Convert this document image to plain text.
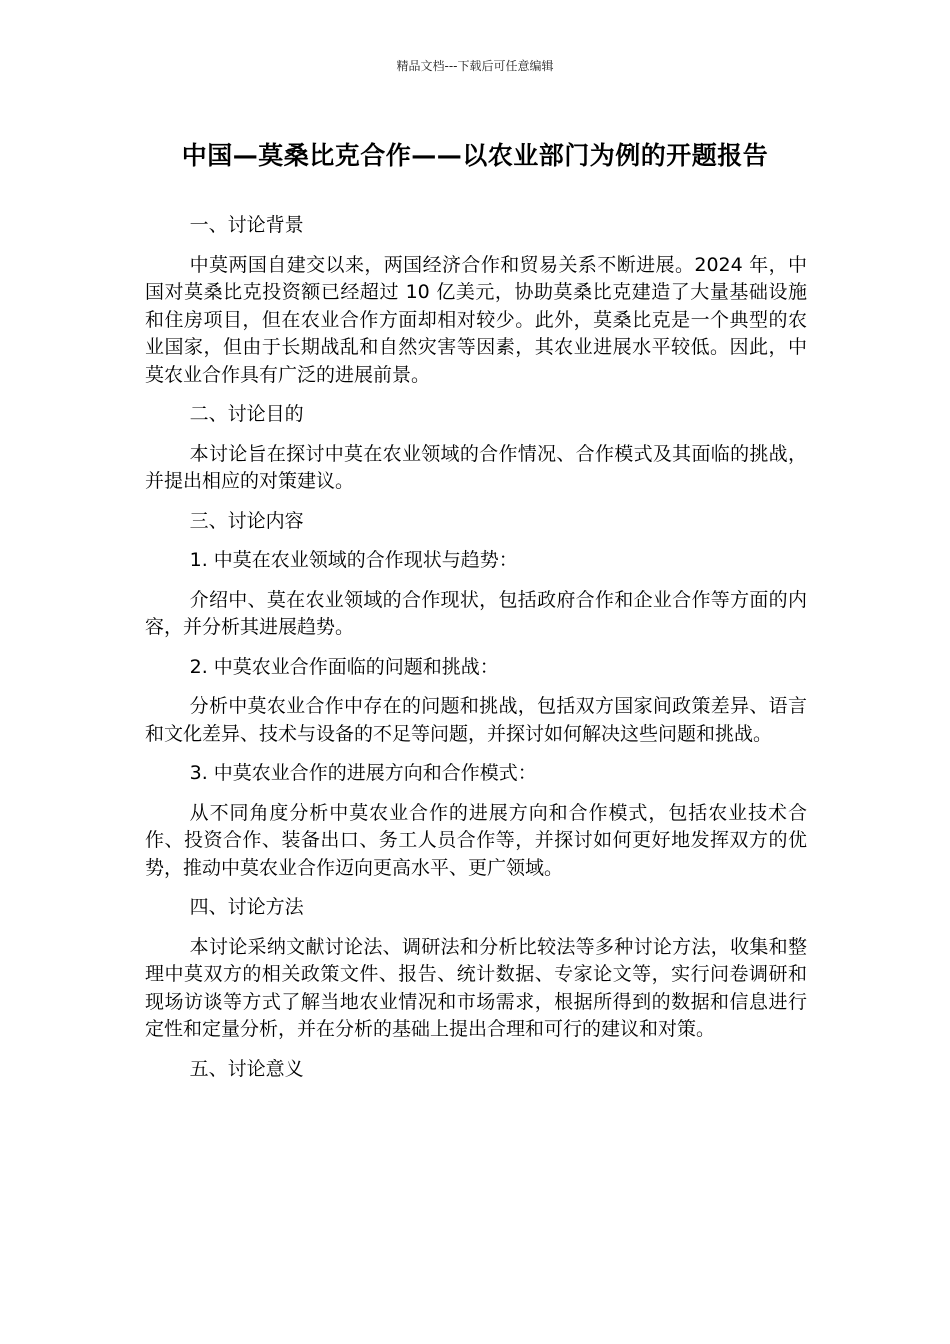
精品文档---下载后可任意编辑
中国—莫桑比克合作——以农业部门为例的开题报告

一、讨论背景

中莫两国自建交以来，两国经济合作和贸易关系不断进展。2024 年，中国对莫桑比克投资额已经超过 10 亿美元，协助莫桑比克建造了大量基础设施和住房项目，但在农业合作方面却相对较少。此外，莫桑比克是一个典型的农业国家，但由于长期战乱和自然灾害等因素，其农业进展水平较低。因此，中莫农业合作具有广泛的进展前景。

二、讨论目的

本讨论旨在探讨中莫在农业领域的合作情况、合作模式及其面临的挑战，并提出相应的对策建议。

三、讨论内容

1. 中莫在农业领域的合作现状与趋势：

介绍中、莫在农业领域的合作现状，包括政府合作和企业合作等方面的内容，并分析其进展趋势。

2. 中莫农业合作面临的问题和挑战：

分析中莫农业合作中存在的问题和挑战，包括双方国家间政策差异、语言和文化差异、技术与设备的不足等问题，并探讨如何解决这些问题和挑战。

3. 中莫农业合作的进展方向和合作模式：

从不同角度分析中莫农业合作的进展方向和合作模式，包括农业技术合作、投资合作、装备出口、务工人员合作等，并探讨如何更好地发挥双方的优势，推动中莫农业合作迈向更高水平、更广领域。

四、讨论方法

本讨论采纳文献讨论法、调研法和分析比较法等多种讨论方法，收集和整理中莫双方的相关政策文件、报告、统计数据、专家论文等，实行问卷调研和现场访谈等方式了解当地农业情况和市场需求，根据所得到的数据和信息进行定性和定量分析，并在分析的基础上提出合理和可行的建议和对策。

五、讨论意义
